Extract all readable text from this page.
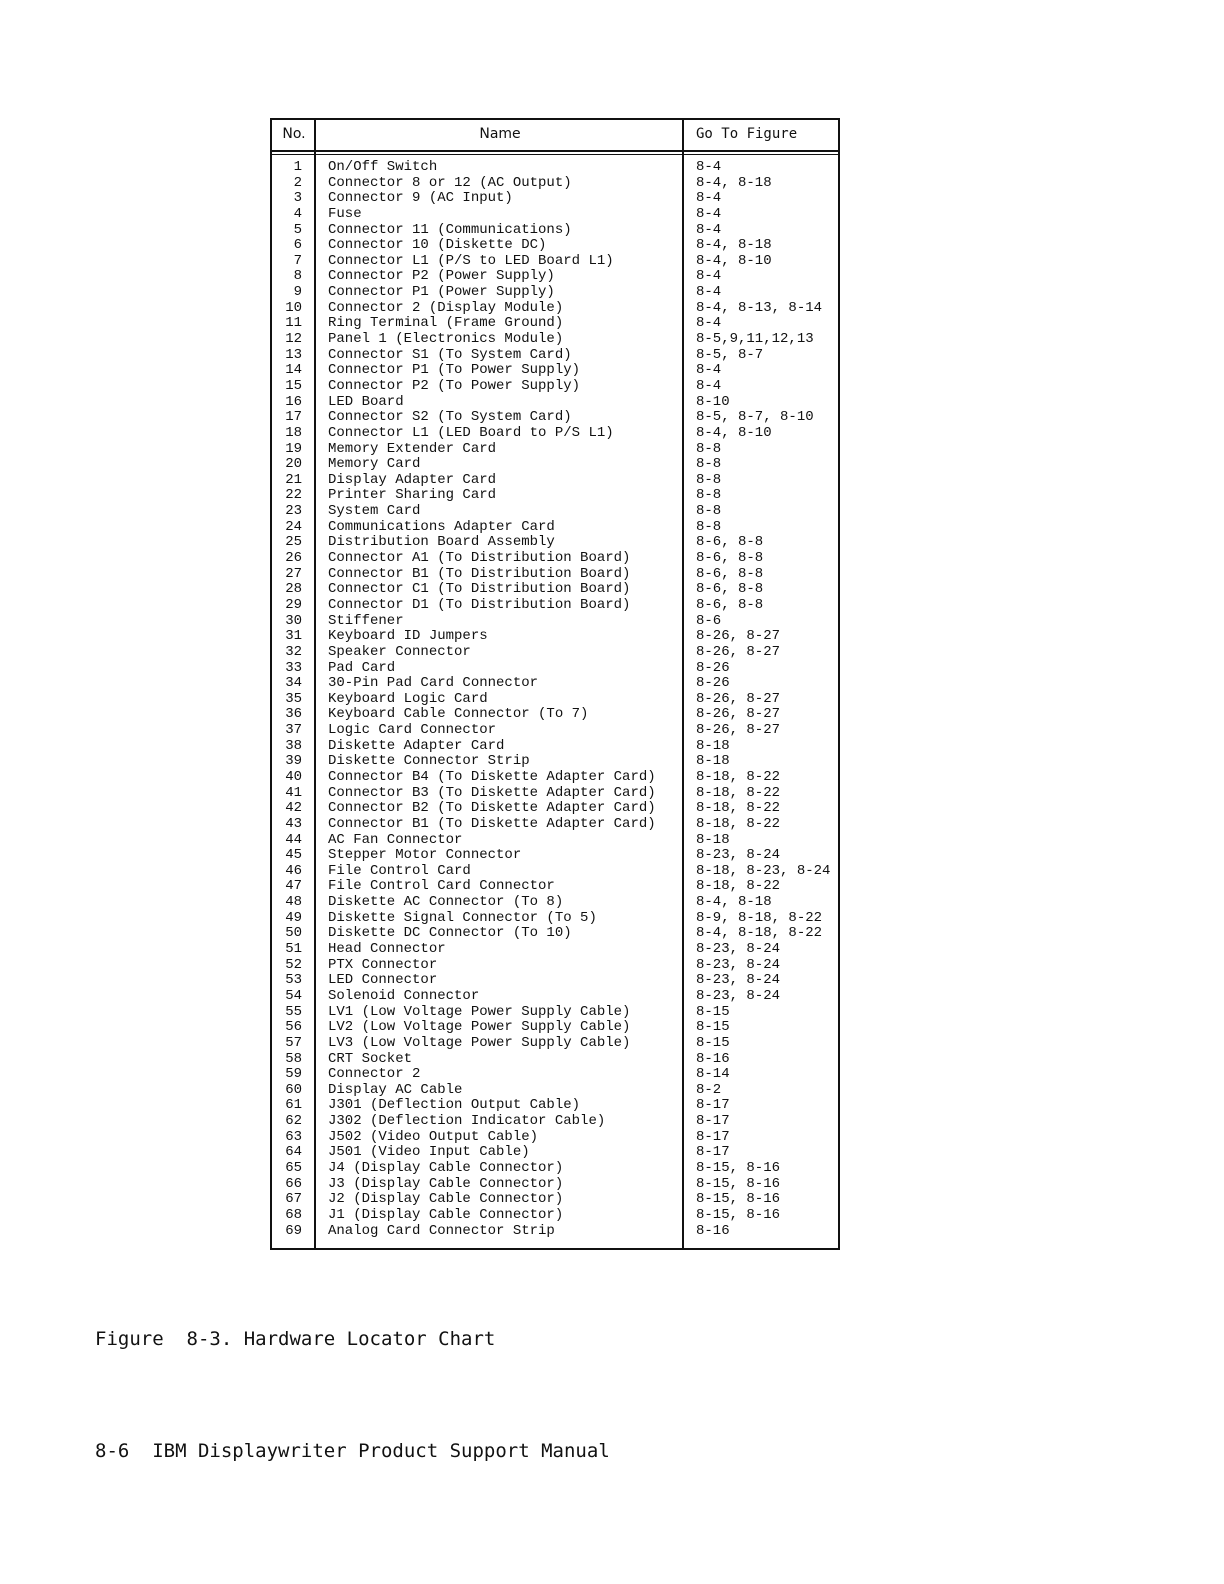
No.	Name	Go To Figure
1 On/Off Switch	8-4
2 Connector 8 or 12 (AC Output)	8-4, 8-18
3 Connector 9 (AC Input)	8-4
4 Fuse	8-4
5 Connector 11 (Communications)	8-4
6 Connector 10 (Diskette DC)	8-4, 8-18
7 Connector L1 (P/S to LED Board L1)	8-4, 8-10
8 Connector P2 (Power Supply)	8-4
9 Connector P1 (Power Supply)	8-4
10 Connector 2 (Display Module)	8-4, 8-13, 8-14
11 Ring Terminal (Frame Ground)	8-4
12 Panel 1 (Electronics Module)	8-5,9,11,12,13
13 Connector S1 (To System Card)	8-5, 8-7
14 Connector P1 (To Power Supply)	8-4
15 Connector P2 (To Power Supply)	8-4
16 LED Board	8-10
17 Connector S2 (To System Card)	8-5, 8-7, 8-10
18 Connector L1 (LED Board to P/S L1)	8-4, 8-10
19 Memory Extender Card	8-8
20 Memory Card	8-8
21 Display Adapter Card	8-8
22 Printer Sharing Card	8-8
23 System Card	8-8
24 Communications Adapter Card	8-8
25 Distribution Board Assembly	8-6, 8-8
26 Connector A1 (To Distribution Board)	8-6, 8-8
27 Connector B1 (To Distribution Board)	8-6, 8-8
28 Connector C1 (To Distribution Board)	8-6, 8-8
29 Connector D1 (To Distribution Board)	8-6, 8-8
30 Stiffener	8-6
31 Keyboard ID Jumpers	8-26, 8-27
32 Speaker Connector	8-26, 8-27
33 Pad Card	8-26
34 30-Pin Pad Card Connector	8-26
35 Keyboard Logic Card	8-26, 8-27
36 Keyboard Cable Connector (To 7)	8-26, 8-27
37 Logic Card Connector	8-26, 8-27
38 Diskette Adapter Card	8-18
39 Diskette Connector Strip	8-18
40 Connector B4 (To Diskette Adapter Card)	8-18, 8-22
41 Connector B3 (To Diskette Adapter Card)	8-18, 8-22
42 Connector B2 (To Diskette Adapter Card)	8-18, 8-22
43 Connector B1 (To Diskette Adapter Card)	8-18, 8-22
44 AC Fan Connector	8-18
45 Stepper Motor Connector	8-23, 8-24
46 File Control Card	8-18, 8-23, 8-24
47 File Control Card Connector	8-18, 8-22
48 Diskette AC Connector (To 8)	8-4, 8-18
49 Diskette Signal Connector (To 5)	8-9, 8-18, 8-22
50 Diskette DC Connector (To 10)	8-4, 8-18, 8-22
51 Head Connector	8-23, 8-24
52 PTX Connector	8-23, 8-24
53 LED Connector	8-23, 8-24
54 Solenoid Connector	8-23, 8-24
55 LV1 (Low Voltage Power Supply Cable)	8-15
56 LV2 (Low Voltage Power Supply Cable)	8-15
57 LV3 (Low Voltage Power Supply Cable)	8-15
58 CRT Socket	8-16
59 Connector 2	8-14
60 Display AC Cable	8-2
61 J301 (Deflection Output Cable)	8-17
62 J302 (Deflection Indicator Cable)	8-17
63 J502 (Video Output Cable)	8-17
64 J501 (Video Input Cable)	8-17
65 J4 (Display Cable Connector)	8-15, 8-16
66 J3 (Display Cable Connector)	8-15, 8-16
67 J2 (Display Cable Connector)	8-15, 8-16
68 J1 (Display Cable Connector)	8-15, 8-16
69 Analog Card Connector Strip	8-16
Figure  8-3. Hardware Locator Chart
8-6  IBM Displaywriter Product Support Manual
